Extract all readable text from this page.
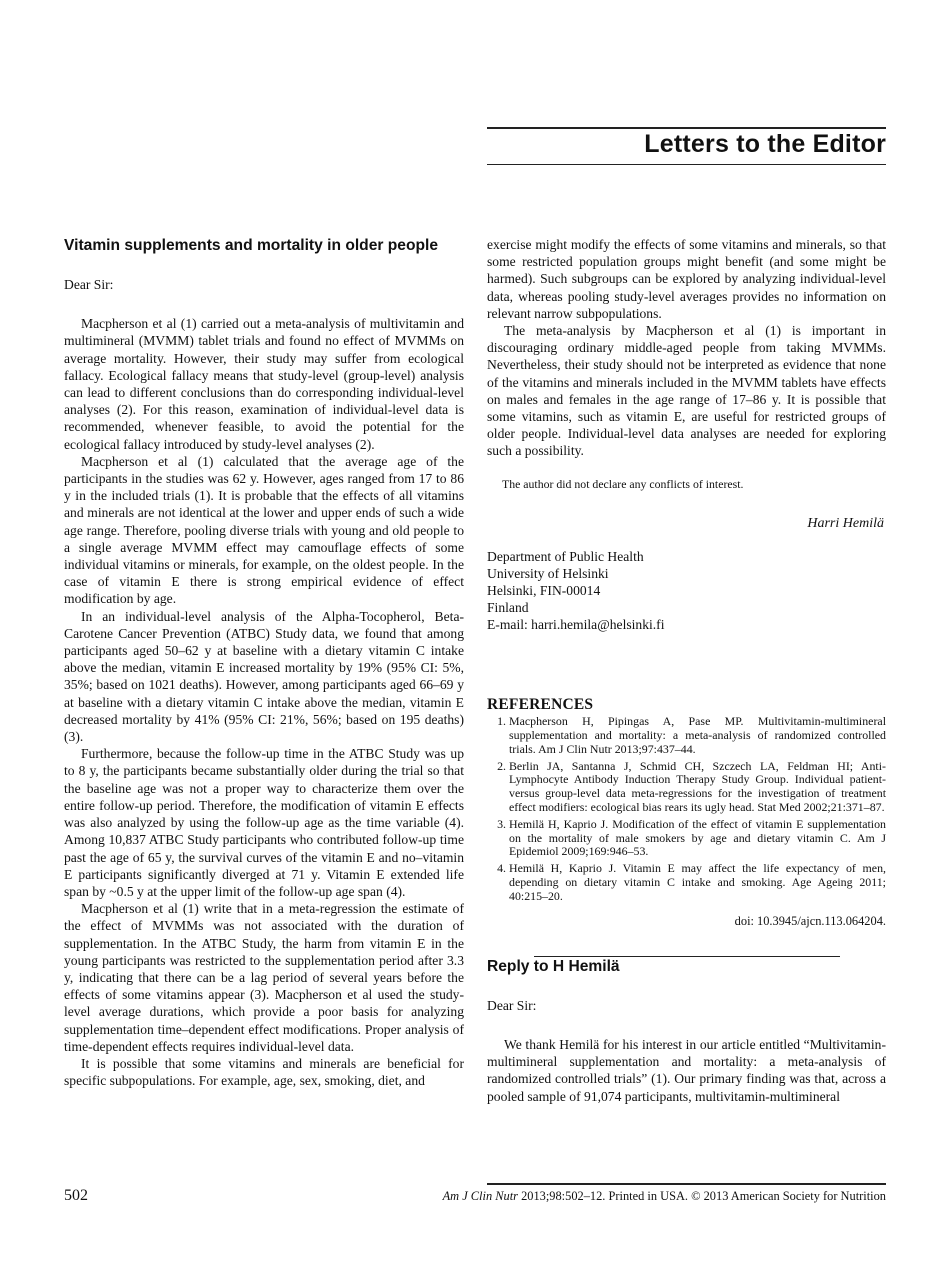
Letters to the Editor
Vitamin supplements and mortality in older people
Dear Sir:

Macpherson et al (1) carried out a meta-analysis of multivitamin and multimineral (MVMM) tablet trials and found no effect of MVMMs on average mortality. However, their study may suffer from ecological fallacy. Ecological fallacy means that study-level (group-level) analysis can lead to different conclusions than do corresponding individual-level analyses (2). For this reason, examination of individual-level data is recommended, whenever feasible, to avoid the potential for the ecological fallacy introduced by study-level analyses (2).

Macpherson et al (1) calculated that the average age of the participants in the studies was 62 y. However, ages ranged from 17 to 86 y in the included trials (1). It is probable that the effects of all vitamins and minerals are not identical at the lower and upper ends of such a wide age range. Therefore, pooling diverse trials with young and old people to a single average MVMM effect may camouflage effects of some individual vitamins or minerals, for example, on the oldest people. In the case of vitamin E there is strong empirical evidence of effect modification by age.

In an individual-level analysis of the Alpha-Tocopherol, Beta-Carotene Cancer Prevention (ATBC) Study data, we found that among participants aged 50–62 y at baseline with a dietary vitamin C intake above the median, vitamin E increased mortality by 19% (95% CI: 5%, 35%; based on 1021 deaths). However, among participants aged 66–69 y at baseline with a dietary vitamin C intake above the median, vitamin E decreased mortality by 41% (95% CI: 21%, 56%; based on 195 deaths) (3).

Furthermore, because the follow-up time in the ATBC Study was up to 8 y, the participants became substantially older during the trial so that the baseline age was not a proper way to characterize them over the entire follow-up period. Therefore, the modification of vitamin E effects was also analyzed by using the follow-up age as the time variable (4). Among 10,837 ATBC Study participants who contributed follow-up time past the age of 65 y, the survival curves of the vitamin E and no–vitamin E participants significantly diverged at 71 y. Vitamin E extended life span by ~0.5 y at the upper limit of the follow-up age span (4).

Macpherson et al (1) write that in a meta-regression the estimate of the effect of MVMMs was not associated with the duration of supplementation. In the ATBC Study, the harm from vitamin E in the young participants was restricted to the supplementation period after 3.3 y, indicating that there can be a lag period of several years before the effects of some vitamins appear (3). Macpherson et al used the study-level average durations, which provide a poor basis for analyzing supplementation time–dependent effect modifications. Proper analysis of time-dependent effects requires individual-level data.

It is possible that some vitamins and minerals are beneficial for specific subpopulations. For example, age, sex, smoking, diet, and

exercise might modify the effects of some vitamins and minerals, so that some restricted population groups might benefit (and some might be harmed). Such subgroups can be explored by analyzing individual-level data, whereas pooling study-level averages provides no information on relevant narrow subpopulations.

The meta-analysis by Macpherson et al (1) is important in discouraging ordinary middle-aged people from taking MVMMs. Nevertheless, their study should not be interpreted as evidence that none of the vitamins and minerals included in the MVMM tablets have effects on males and females in the age range of 17–86 y. It is possible that some vitamins, such as vitamin E, are useful for restricted groups of older people. Individual-level data analyses are needed for exploring such a possibility.

The author did not declare any conflicts of interest.
Harri Hemilä
Department of Public Health
University of Helsinki
Helsinki, FIN-00014
Finland
E-mail: harri.hemila@helsinki.fi
REFERENCES
1. Macpherson H, Pipingas A, Pase MP. Multivitamin-multimineral supplementation and mortality: a meta-analysis of randomized controlled trials. Am J Clin Nutr 2013;97:437–44.
2. Berlin JA, Santanna J, Schmid CH, Szczech LA, Feldman HI; Anti-Lymphocyte Antibody Induction Therapy Study Group. Individual patient- versus group-level data meta-regressions for the investigation of treatment effect modifiers: ecological bias rears its ugly head. Stat Med 2002;21:371–87.
3. Hemilä H, Kaprio J. Modification of the effect of vitamin E supplementation on the mortality of male smokers by age and dietary vitamin C. Am J Epidemiol 2009;169:946–53.
4. Hemilä H, Kaprio J. Vitamin E may affect the life expectancy of men, depending on dietary vitamin C intake and smoking. Age Ageing 2011; 40:215–20.
doi: 10.3945/ajcn.113.064204.
Reply to H Hemilä
Dear Sir:

We thank Hemilä for his interest in our article entitled “Multivitamin-multimineral supplementation and mortality: a meta-analysis of randomized controlled trials” (1). Our primary finding was that, across a pooled sample of 91,074 participants, multivitamin-multimineral

502	Am J Clin Nutr 2013;98:502–12. Printed in USA. © 2013 American Society for Nutrition
